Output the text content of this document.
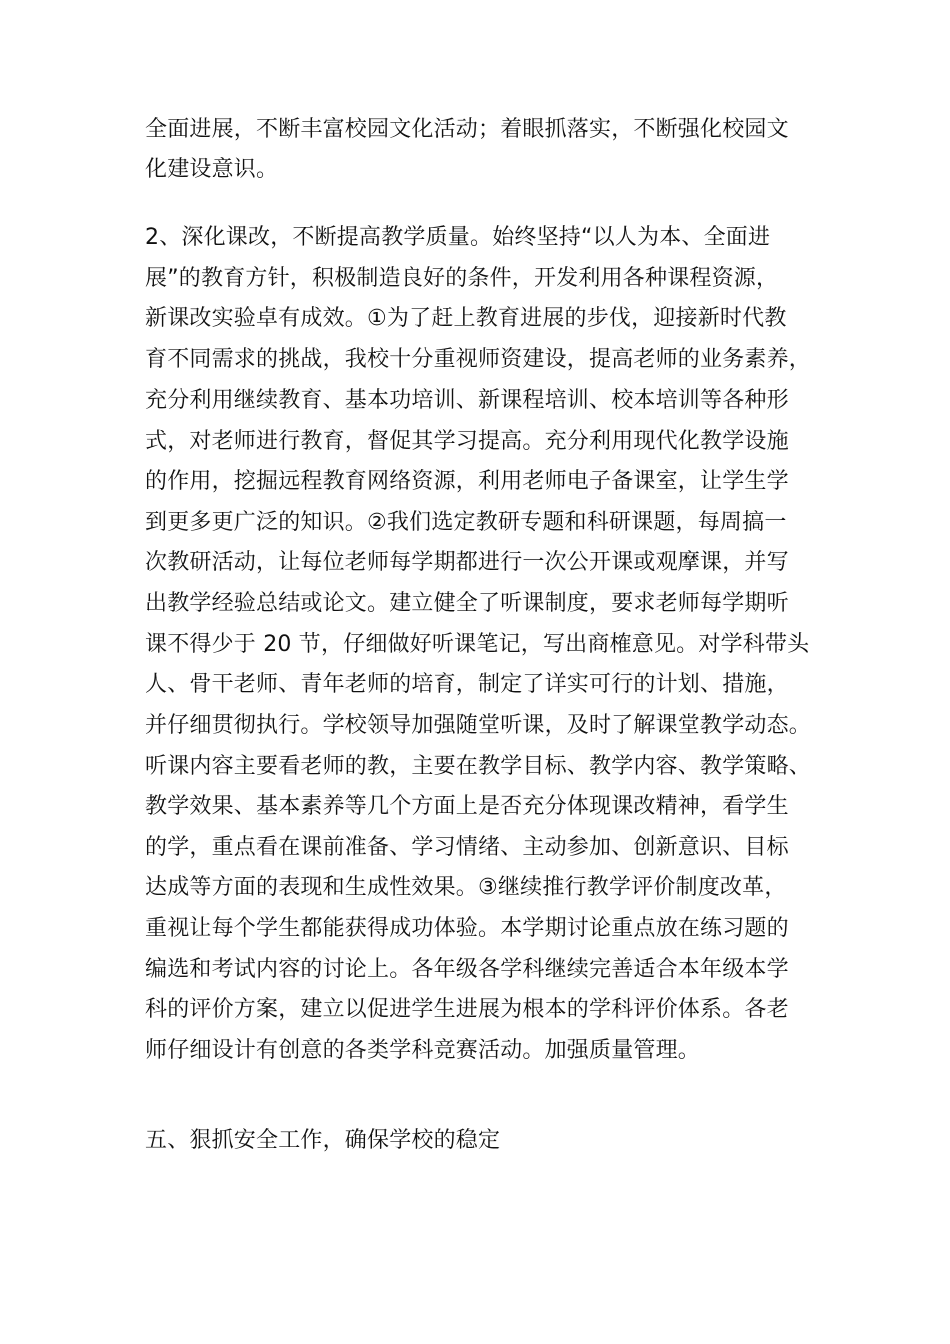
全面进展，不断丰富校园文化活动；着眼抓落实，不断强化校园文
化建设意识。
2、深化课改，不断提高教学质量。始终坚持“以人为本、全面进
展”的教育方针，积极制造良好的条件，开发利用各种课程资源，
新课改实验卓有成效。①为了赶上教育进展的步伐，迎接新时代教
育不同需求的挑战，我校十分重视师资建设，提高老师的业务素养，
充分利用继续教育、基本功培训、新课程培训、校本培训等各种形
式，对老师进行教育，督促其学习提高。充分利用现代化教学设施
的作用，挖掘远程教育网络资源，利用老师电子备课室，让学生学
到更多更广泛的知识。②我们选定教研专题和科研课题，每周搞一
次教研活动，让每位老师每学期都进行一次公开课或观摩课，并写
出教学经验总结或论文。建立健全了听课制度，要求老师每学期听
课不得少于 20 节，仔细做好听课笔记，写出商榷意见。对学科带头
人、骨干老师、青年老师的培育，制定了详实可行的计划、措施，
并仔细贯彻执行。学校领导加强随堂听课，及时了解课堂教学动态。
听课内容主要看老师的教，主要在教学目标、教学内容、教学策略、
教学效果、基本素养等几个方面上是否充分体现课改精神，看学生
的学，重点看在课前准备、学习情绪、主动参加、创新意识、目标
达成等方面的表现和生成性效果。③继续推行教学评价制度改革，
重视让每个学生都能获得成功体验。本学期讨论重点放在练习题的
编选和考试内容的讨论上。各年级各学科继续完善适合本年级本学
科的评价方案，建立以促进学生进展为根本的学科评价体系。各老
师仔细设计有创意的各类学科竞赛活动。加强质量管理。
五、狠抓安全工作，确保学校的稳定
